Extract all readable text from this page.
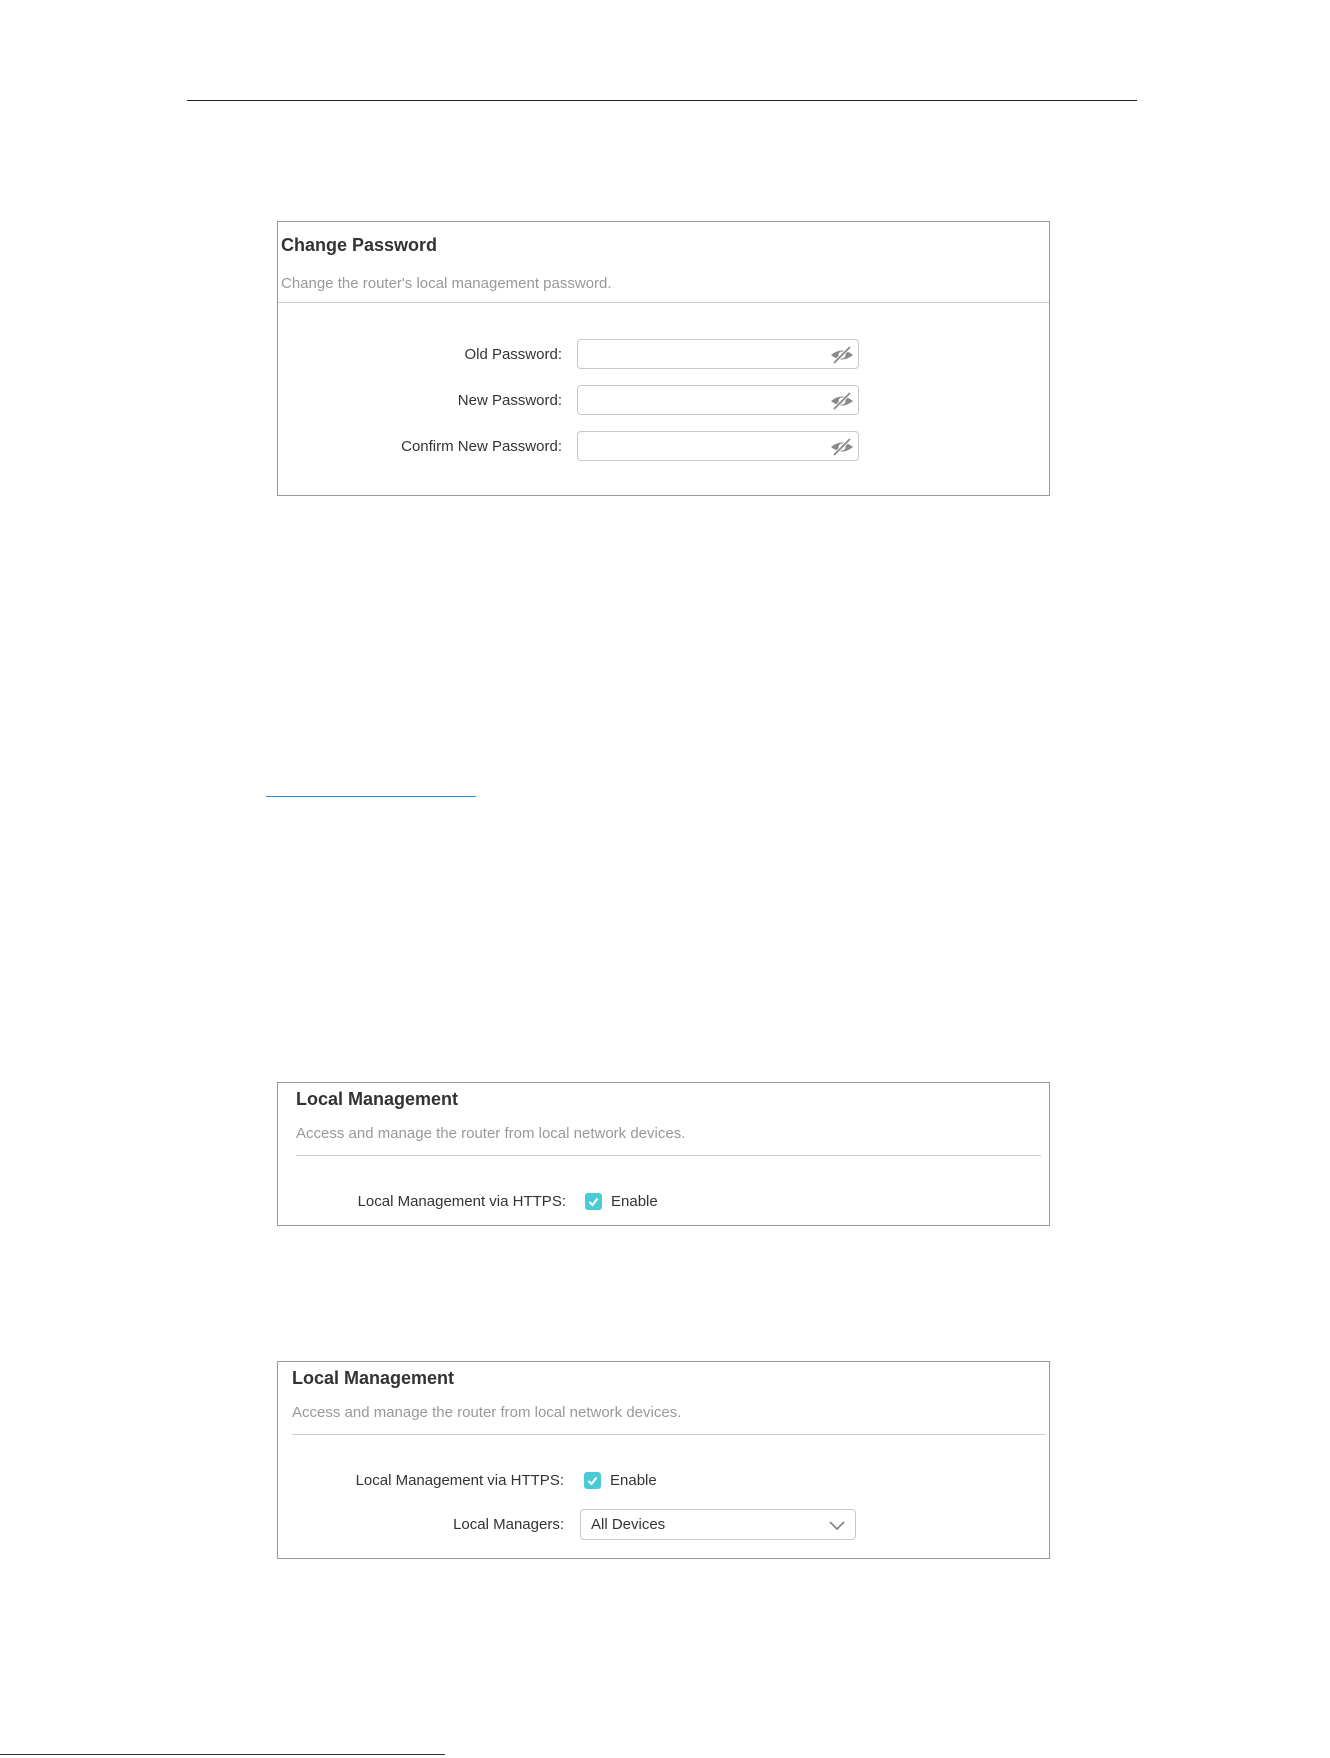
Change Password
Change the router's local management password.
Old Password:
New Password:
Confirm New Password:
Local Management
Access and manage the router from local network devices.
Local Management via HTTPS:	Enable
Local Management
Access and manage the router from local network devices.
Local Management via HTTPS:	Enable
Local Managers: All Devices
